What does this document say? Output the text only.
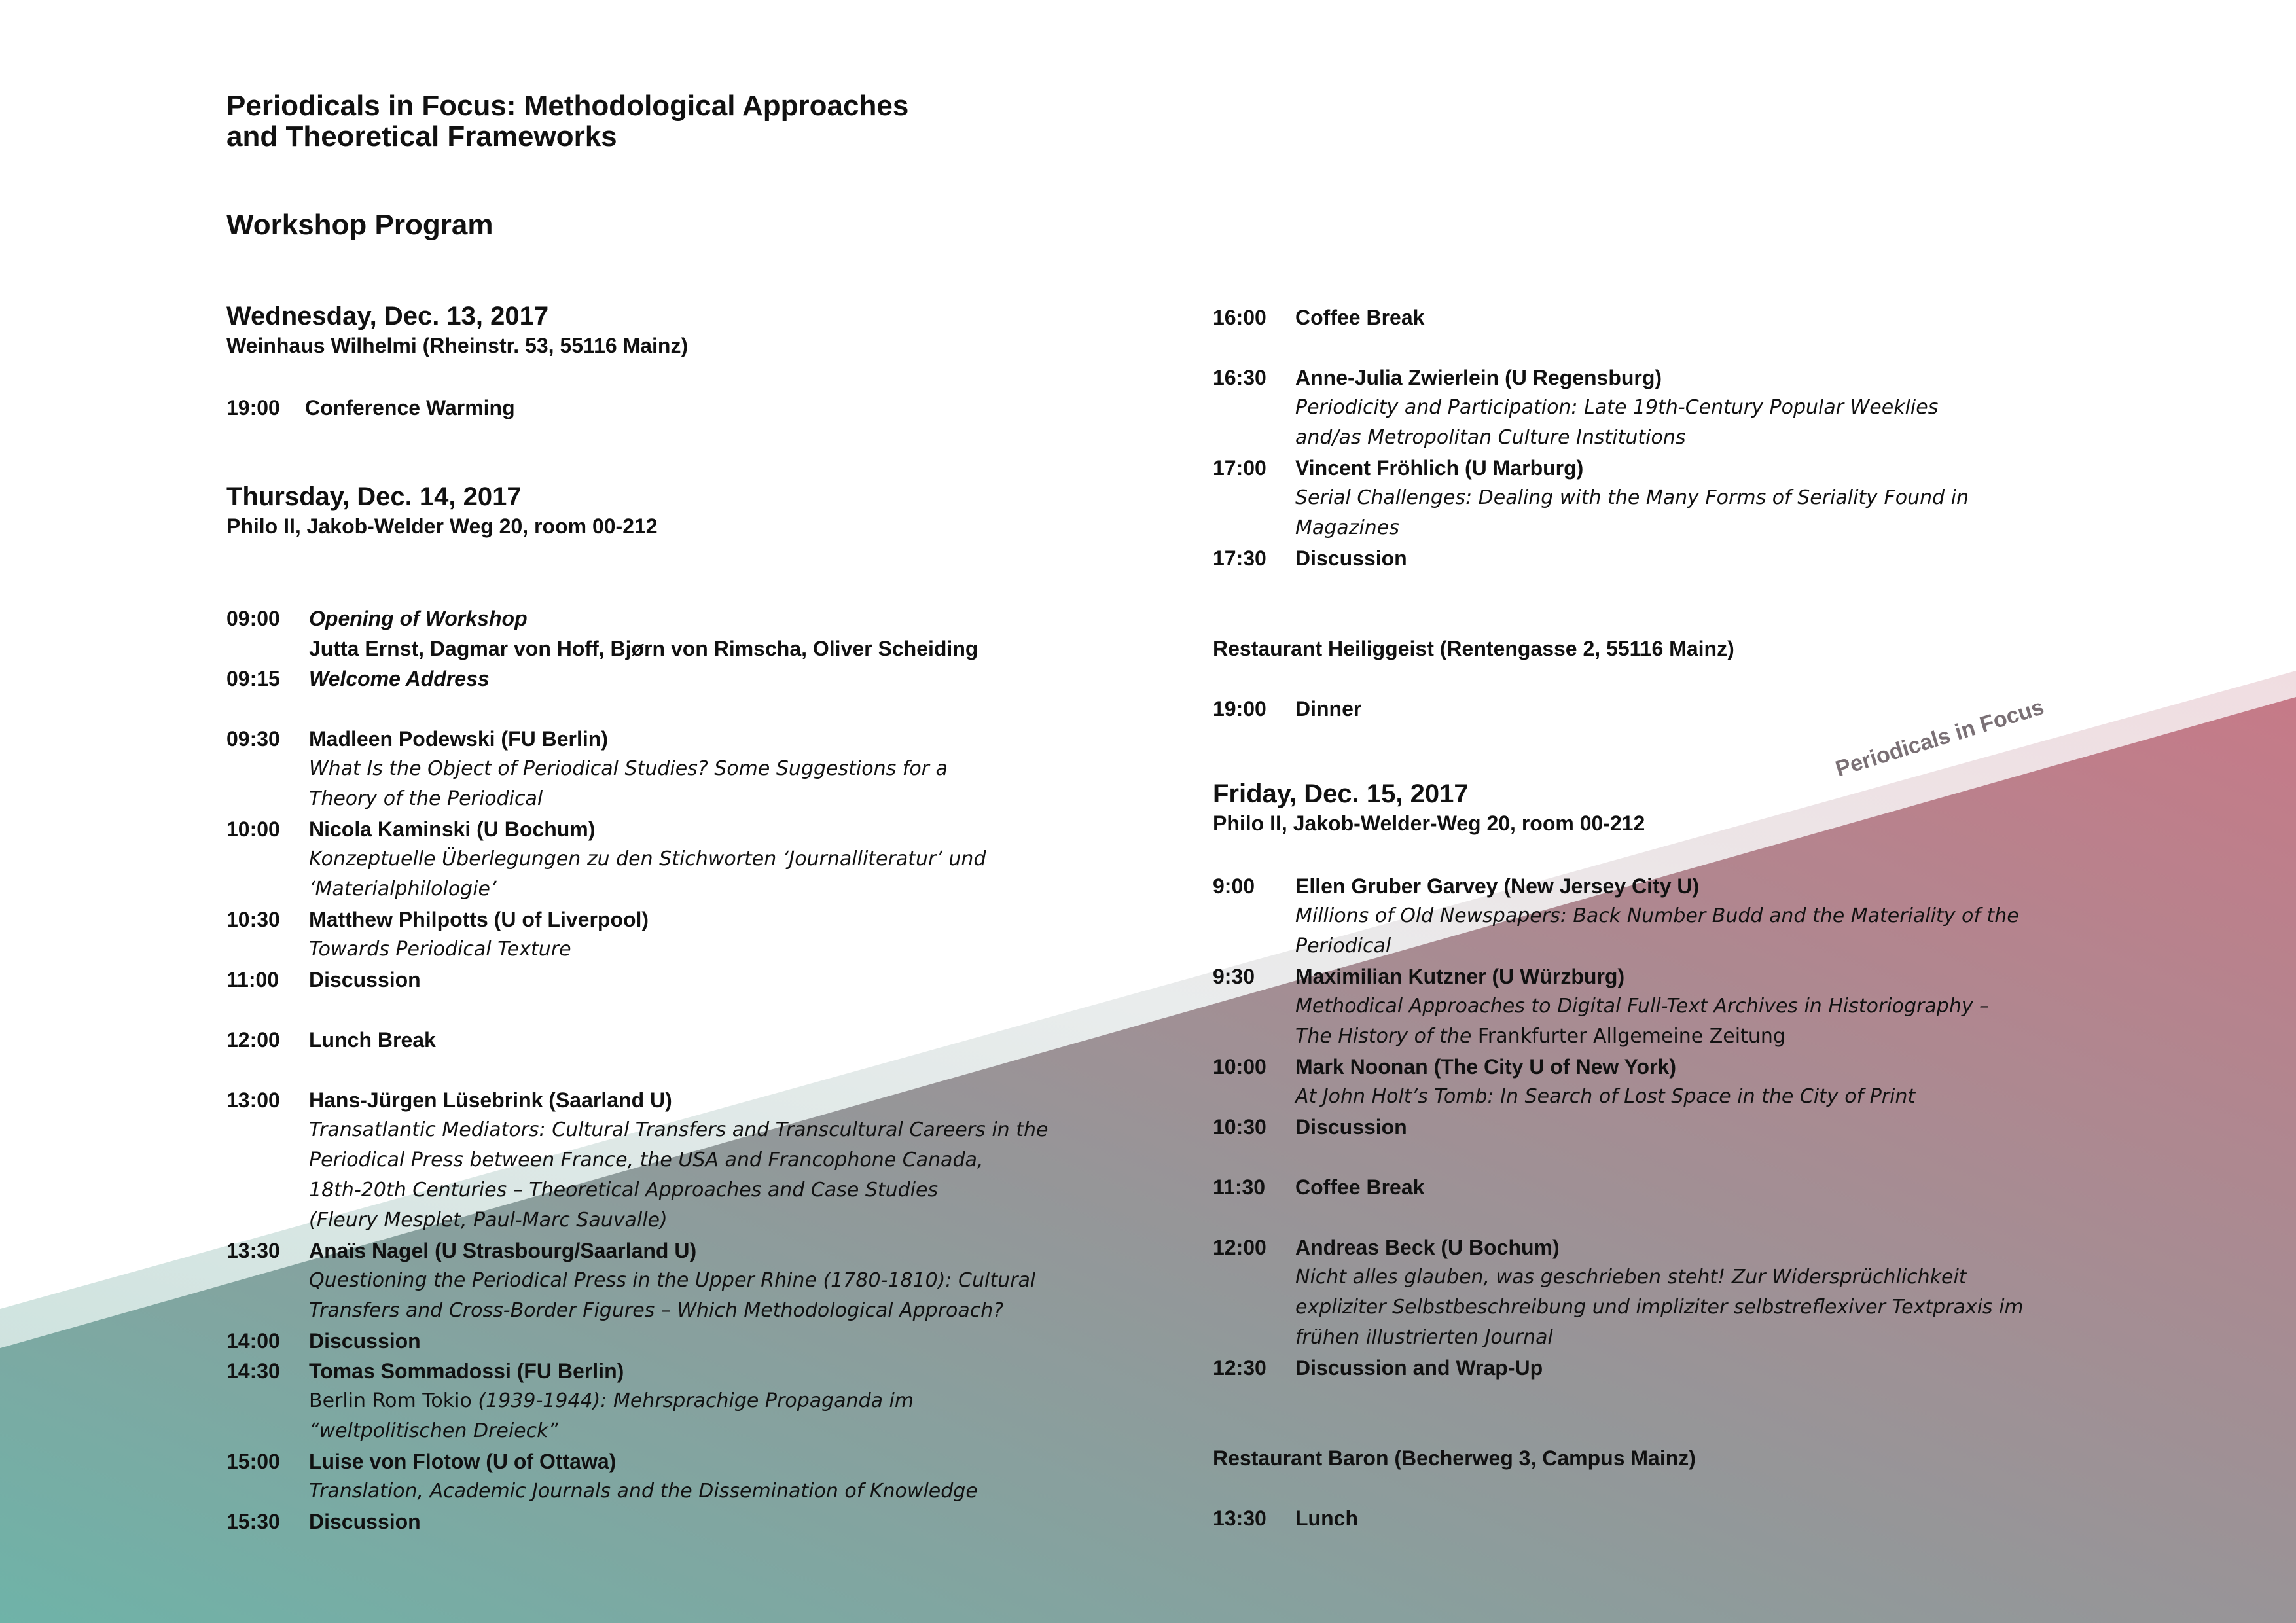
Periodicals in Focus: Methodological Approaches
and Theoretical Frameworks
Workshop Program
Periodicals in Focus
Wednesday, Dec. 13, 2017
Weinhaus Wilhelmi (Rheinstr. 53, 55116 Mainz)
19:00	Conference Warming
Thursday, Dec. 14, 2017
Philo II, Jakob-Welder Weg 20, room 00-212
09:00	Opening of Workshop
Jutta Ernst, Dagmar von Hoff, Bjørn von Rimscha, Oliver Scheiding
09:15	Welcome Address
09:30	Madleen Podewski (FU Berlin)
What Is the Object of Periodical Studies? Some Suggestions for a
Theory of the Periodical
10:00	Nicola Kaminski (U Bochum)
Konzeptuelle Überlegungen zu den Stichworten ‘Journalliteratur’ und
‘Materialphilologie’
10:30	Matthew Philpotts (U of Liverpool)
Towards Periodical Texture
11:00	Discussion
12:00	Lunch Break
13:00	Hans-Jürgen Lüsebrink (Saarland U)
Transatlantic Mediators: Cultural Transfers and Transcultural Careers in the
Periodical Press between France, the USA and Francophone Canada,
18th-20th Centuries – Theoretical Approaches and Case Studies
(Fleury Mesplet, Paul-Marc Sauvalle)
13:30	Anaïs Nagel (U Strasbourg/Saarland U)
Questioning the Periodical Press in the Upper Rhine (1780-1810): Cultural
Transfers and Cross-Border Figures – Which Methodological Approach?
14:00	Discussion
14:30	Tomas Sommadossi (FU Berlin)
Berlin Rom Tokio (1939-1944): Mehrsprachige Propaganda im
“weltpolitischen Dreieck”
15:00	Luise von Flotow (U of Ottawa)
Translation, Academic Journals and the Dissemination of Knowledge
15:30	Discussion
16:00	Coffee Break
16:30	Anne-Julia Zwierlein (U Regensburg)
Periodicity and Participation: Late 19th-Century Popular Weeklies
and/as Metropolitan Culture Institutions
17:00	Vincent Fröhlich (U Marburg)
Serial Challenges: Dealing with the Many Forms of Seriality Found in
Magazines
17:30	Discussion
Restaurant Heiliggeist (Rentengasse 2, 55116 Mainz)
19:00	Dinner
Friday, Dec. 15, 2017
Philo II, Jakob-Welder-Weg 20, room 00-212
9:00	Ellen Gruber Garvey (New Jersey City U)
Millions of Old Newspapers: Back Number Budd and the Materiality of the
Periodical
9:30	Maximilian Kutzner (U Würzburg)
Methodical Approaches to Digital Full-Text Archives in Historiography –
The History of the Frankfurter Allgemeine Zeitung
10:00	Mark Noonan (The City U of New York)
At John Holt’s Tomb: In Search of Lost Space in the City of Print
10:30	Discussion
11:30	Coffee Break
12:00	Andreas Beck (U Bochum)
Nicht alles glauben, was geschrieben steht! Zur Widersprüchlichkeit
expliziter Selbstbeschreibung und impliziter selbstreflexiver Textpraxis im
frühen illustrierten Journal
12:30	Discussion and Wrap-Up
Restaurant Baron (Becherweg 3, Campus Mainz)
13:30	Lunch
